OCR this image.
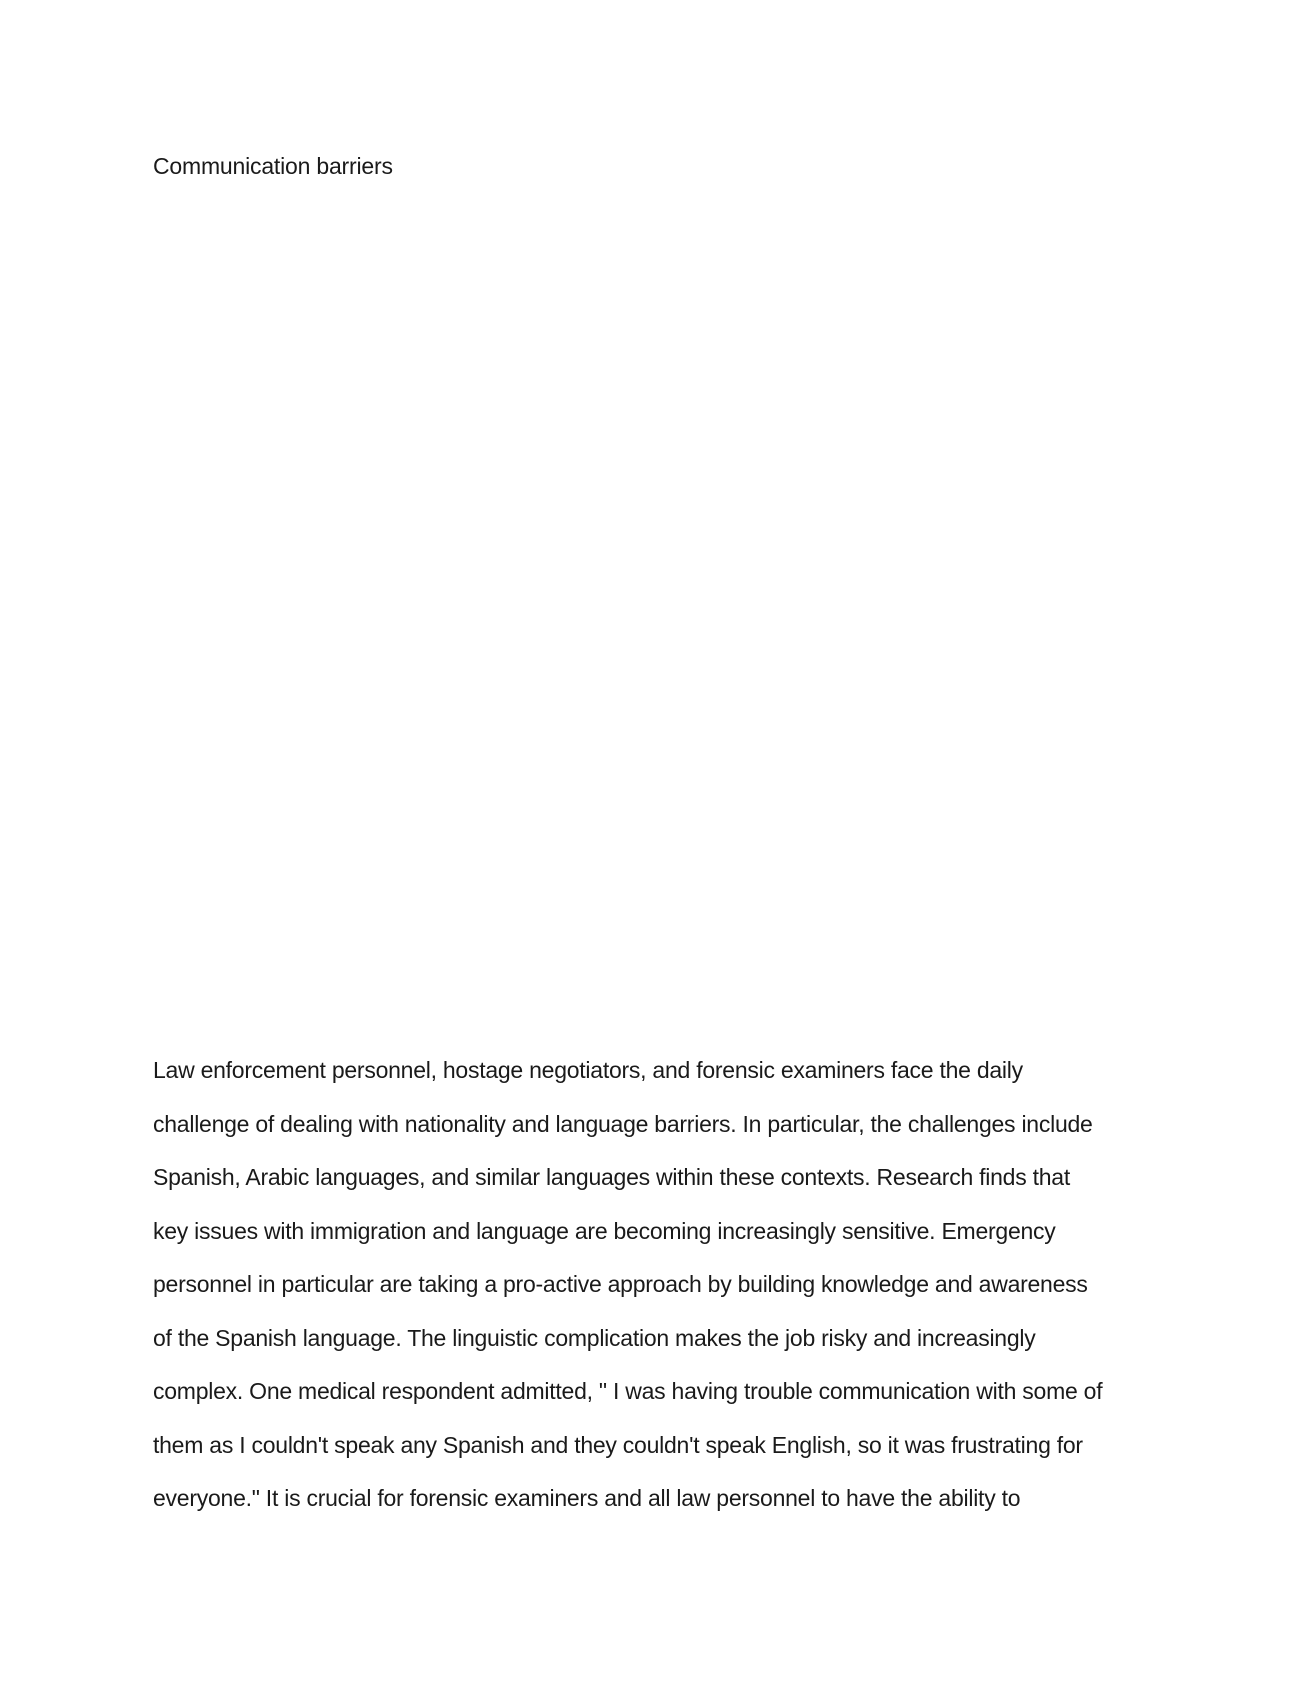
Communication barriers
Law enforcement personnel, hostage negotiators, and forensic examiners face the daily
challenge of dealing with nationality and language barriers. In particular, the challenges include
Spanish, Arabic languages, and similar languages within these contexts. Research finds that
key issues with immigration and language are becoming increasingly sensitive. Emergency
personnel in particular are taking a pro-active approach by building knowledge and awareness
of the Spanish language. The linguistic complication makes the job risky and increasingly
complex. One medical respondent admitted, " I was having trouble communication with some of
them as I couldn't speak any Spanish and they couldn't speak English, so it was frustrating for
everyone." It is crucial for forensic examiners and all law personnel to have the ability to
